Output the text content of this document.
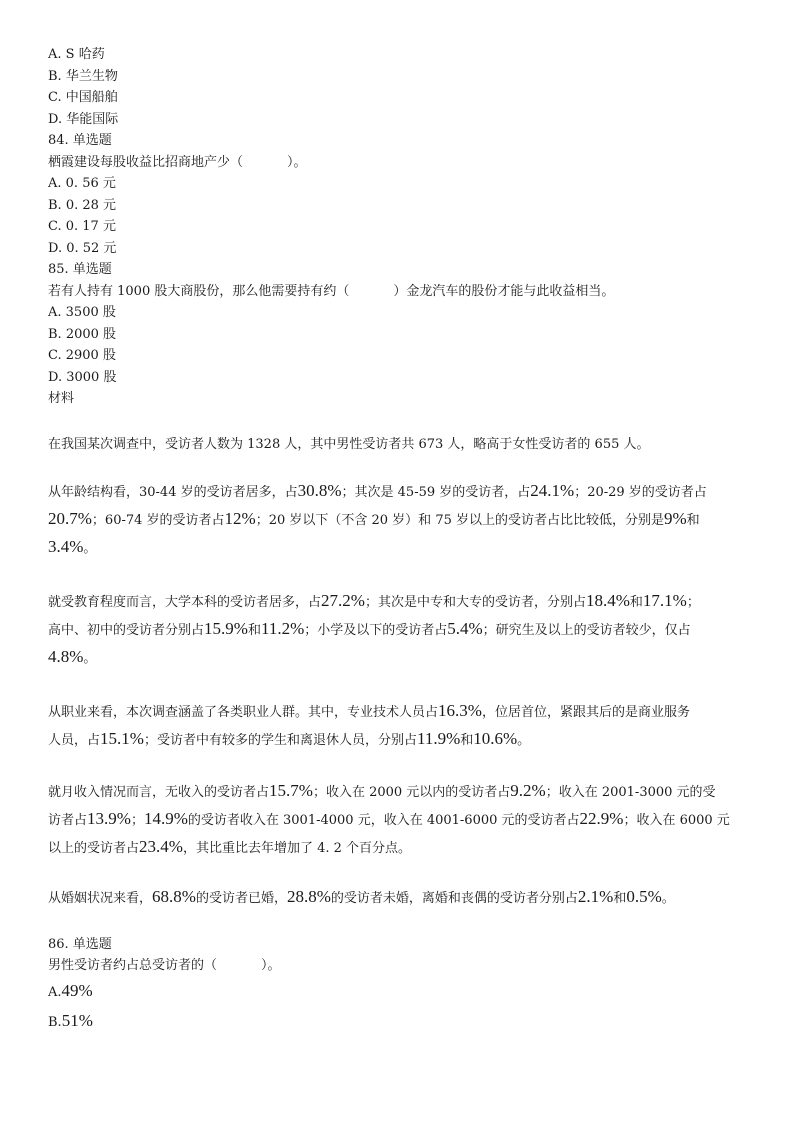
A. S 哈药
B. 华兰生物
C. 中国船舶
D. 华能国际
84. 单选题
栖霞建设每股收益比招商地产少（	）。
A. 0. 56 元
B. 0. 28 元
C. 0. 17 元
D. 0. 52 元
85. 单选题
若有人持有 1000 股大商股份，那么他需要持有约（	）金龙汽车的股份才能与此收益相当。
A. 3500 股
B. 2000 股
C. 2900 股
D. 3000 股
材料

在我国某次调查中，受访者人数为 1328 人，其中男性受访者共 673 人，略高于女性受访者的 655 人。

从年龄结构看，30-44 岁的受访者居多，占30.8%；其次是 45-59 岁的受访者，占24.1%；20-29 岁的受访者占
20.7%；60-74 岁的受访者占12%；20 岁以下（不含 20 岁）和 75 岁以上的受访者占比比较低，分别是9%和
3.4%。

就受教育程度而言，大学本科的受访者居多，占27.2%；其次是中专和大专的受访者，分别占18.4%和17.1%；
高中、初中的受访者分别占15.9%和11.2%；小学及以下的受访者占5.4%；研究生及以上的受访者较少，仅占
4.8%。

从职业来看，本次调查涵盖了各类职业人群。其中，专业技术人员占16.3%，位居首位，紧跟其后的是商业服务
人员，占15.1%；受访者中有较多的学生和离退休人员，分别占11.9%和10.6%。

就月收入情况而言，无收入的受访者占15.7%；收入在 2000 元以内的受访者占9.2%；收入在 2001-3000 元的受
访者占13.9%；14.9%的受访者收入在 3001-4000 元，收入在 4001-6000 元的受访者占22.9%；收入在 6000 元
以上的受访者占23.4%，其比重比去年增加了 4. 2 个百分点。

从婚姻状况来看，68.8%的受访者已婚，28.8%的受访者未婚，离婚和丧偶的受访者分别占2.1%和0.5%。

86. 单选题
男性受访者约占总受访者的（	）。
A.49%
B.51%
